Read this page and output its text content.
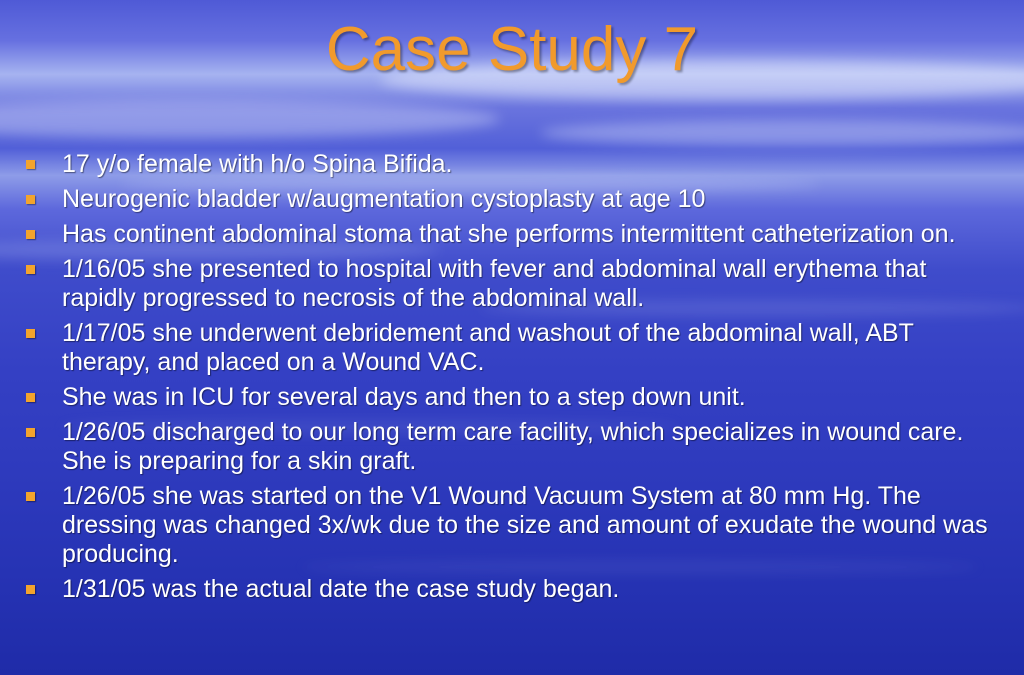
Case Study 7
17 y/o female with h/o Spina Bifida.
Neurogenic bladder w/augmentation cystoplasty at age 10
Has continent abdominal stoma that she performs intermittent catheterization on.
1/16/05 she presented to hospital with fever and abdominal wall erythema that rapidly progressed to necrosis of the abdominal wall.
1/17/05 she underwent debridement and washout of the abdominal wall, ABT therapy, and placed on a Wound VAC.
She was in ICU for several days and then to a step down unit.
1/26/05 discharged to our long term care facility, which specializes in wound care. She is preparing for a skin graft.
1/26/05 she was started on the V1 Wound Vacuum System at 80 mm Hg. The dressing was changed 3x/wk due to the size and amount of exudate the wound was producing.
1/31/05 was the actual date the case study began.
